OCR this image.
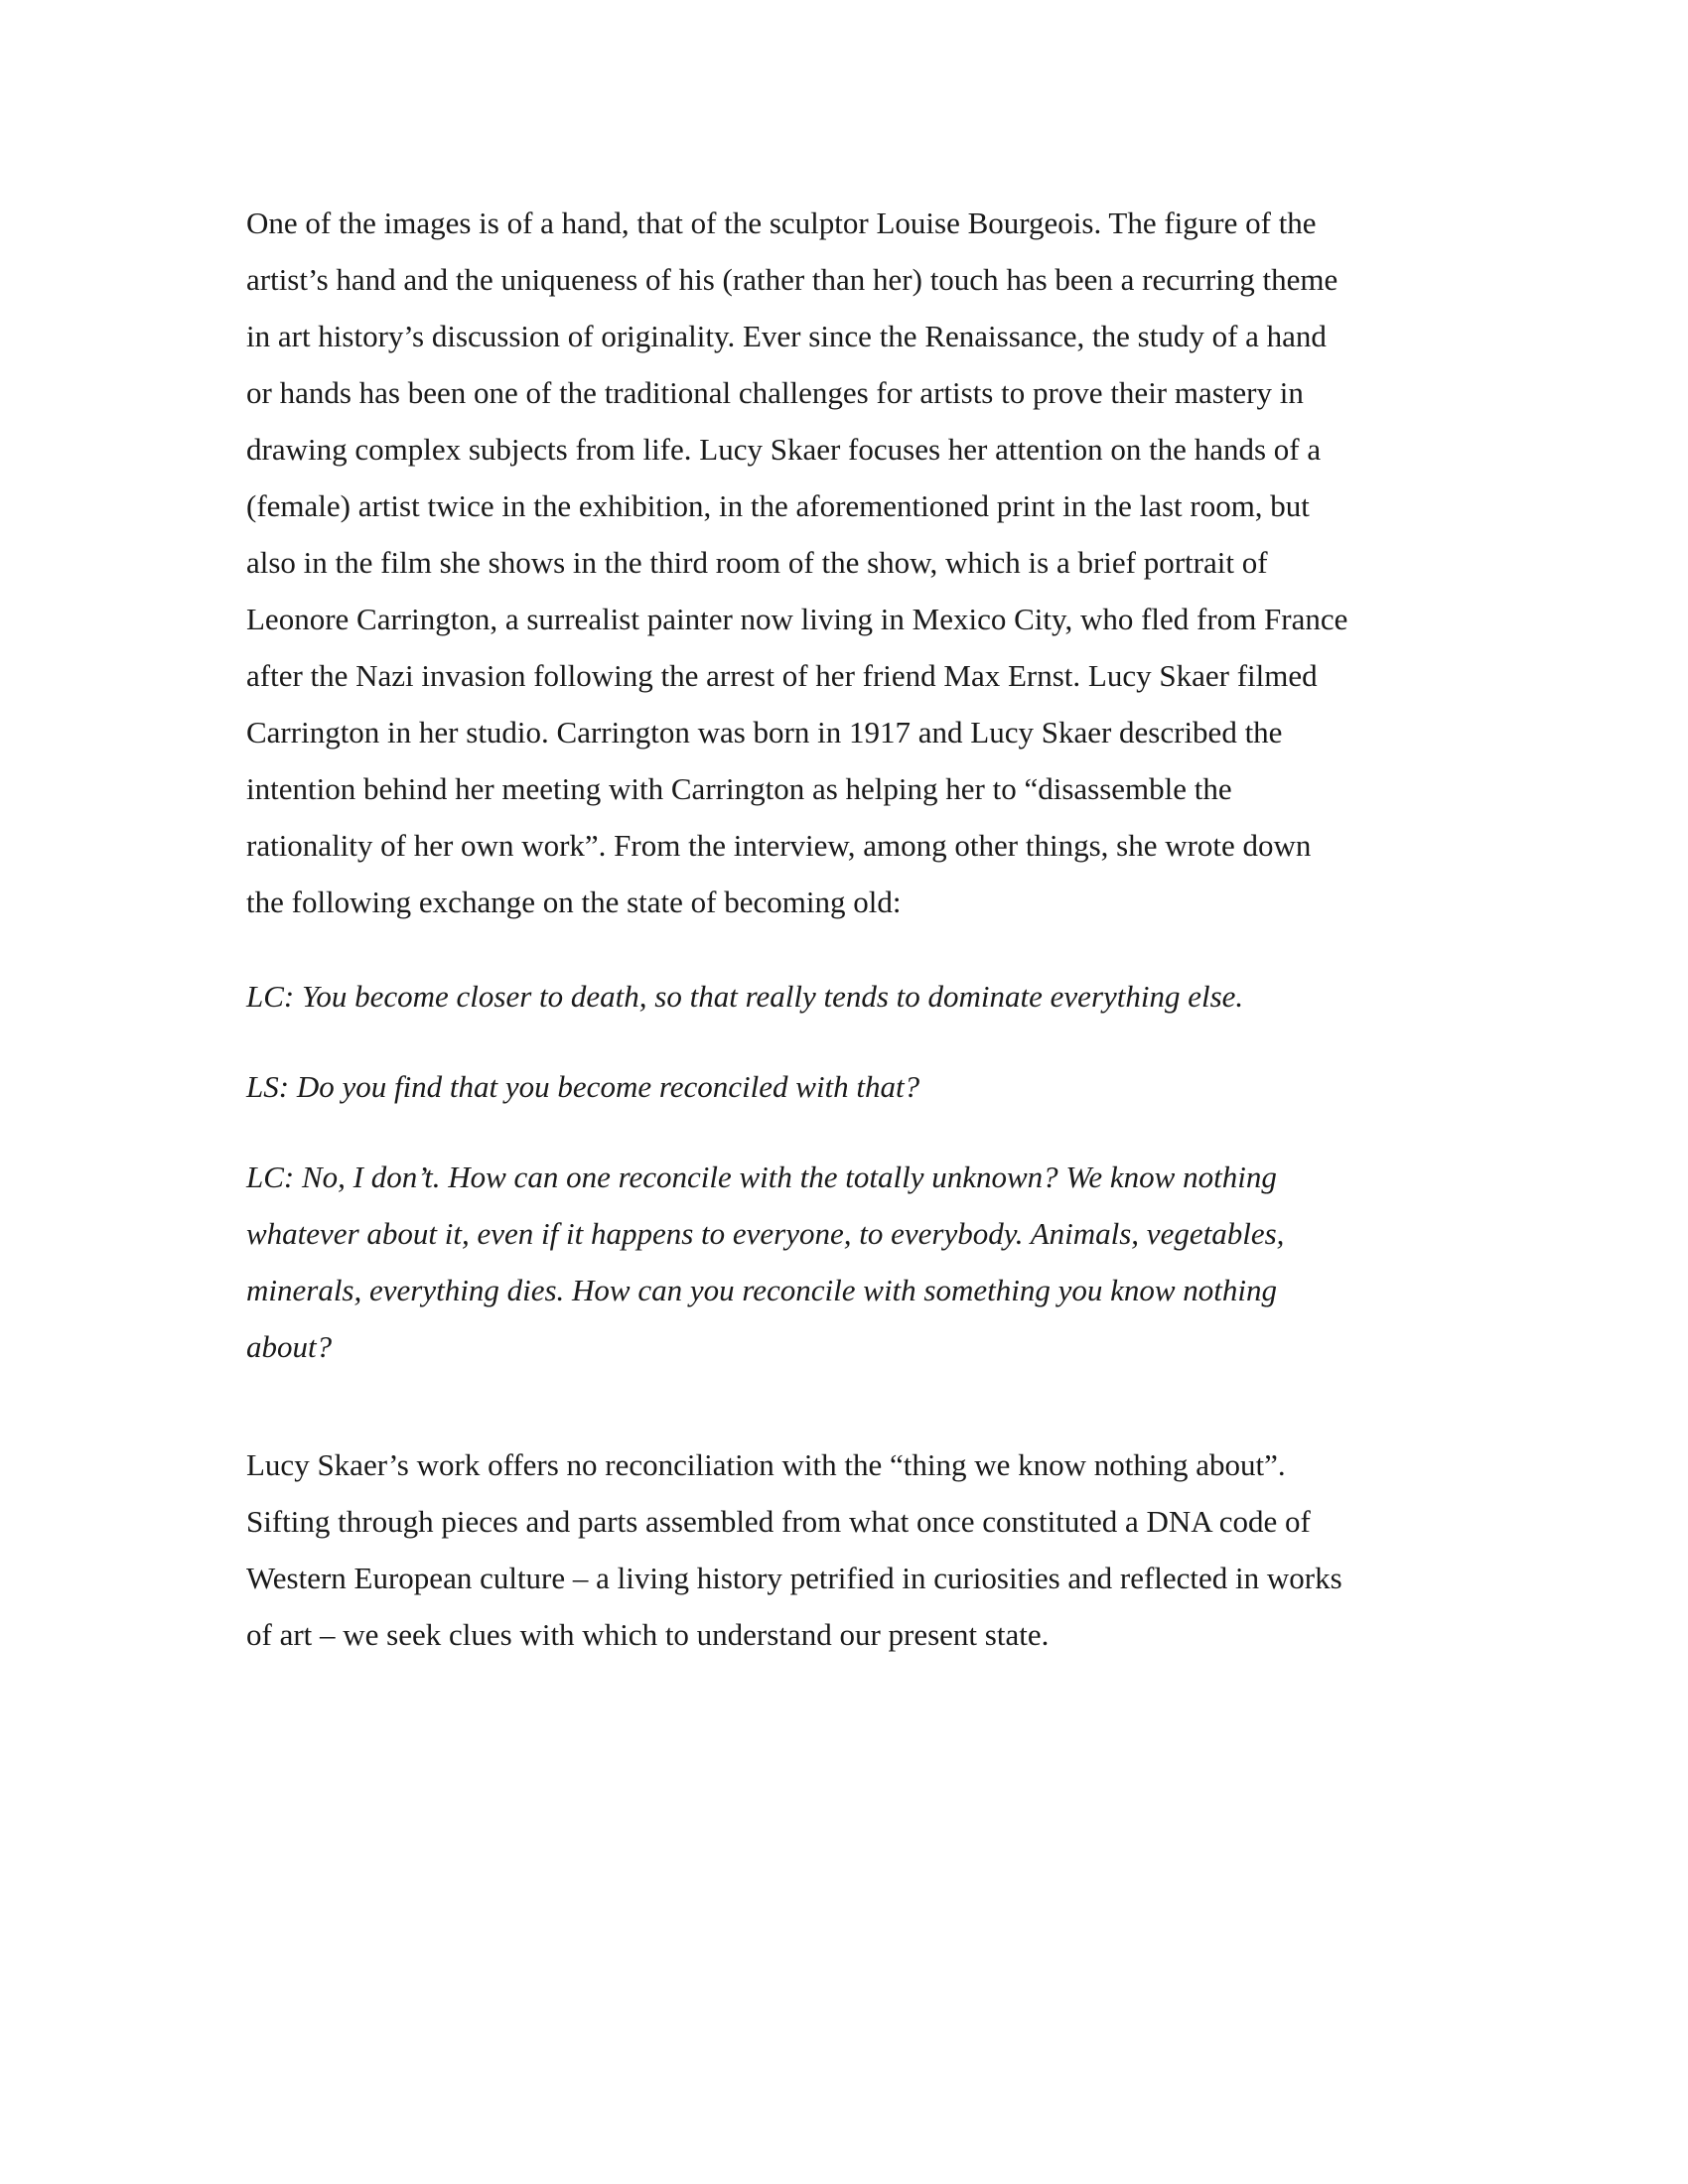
One of the images is of a hand, that of the sculptor Louise Bourgeois. The figure of the
artist’s hand and the uniqueness of his (rather than her) touch has been a recurring theme
in art history’s discussion of originality. Ever since the Renaissance, the study of a hand
or hands has been one of the traditional challenges for artists to prove their mastery in
drawing complex subjects from life. Lucy Skaer focuses her attention on the hands of a
(female) artist twice in the exhibition, in the aforementioned print in the last room, but
also in the film she shows in the third room of the show, which is a brief portrait of
Leonore Carrington, a surrealist painter now living in Mexico City, who fled from France
after the Nazi invasion following the arrest of her friend Max Ernst. Lucy Skaer filmed
Carrington in her studio. Carrington was born in 1917 and Lucy Skaer described the
intention behind her meeting with Carrington as helping her to “disassemble the
rationality of her own work”. From the interview, among other things, she wrote down
the following exchange on the state of becoming old:

LC: You become closer to death, so that really tends to dominate everything else.

LS: Do you find that you become reconciled with that?

LC: No, I don’t. How can one reconcile with the totally unknown? We know nothing
whatever about it, even if it happens to everyone, to everybody. Animals, vegetables,
minerals, everything dies. How can you reconcile with something you know nothing
about?

Lucy Skaer’s work offers no reconciliation with the “thing we know nothing about”.
Sifting through pieces and parts assembled from what once constituted a DNA code of
Western European culture – a living history petrified in curiosities and reflected in works
of art – we seek clues with which to understand our present state.
